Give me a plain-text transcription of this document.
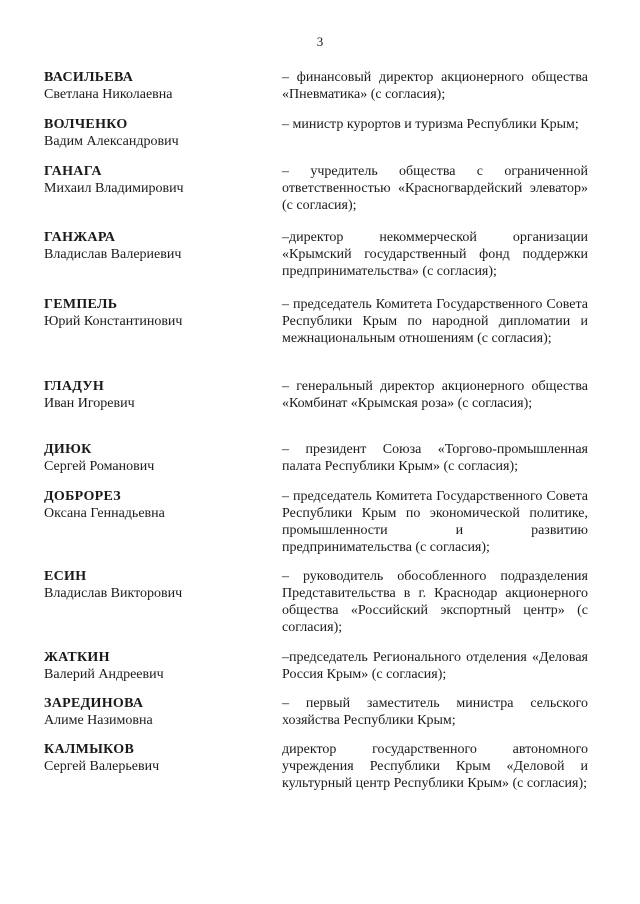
3
ВАСИЛЬЕВА
Светлана Николаевна
– финансовый директор акционерного общества «Пневматика» (с согласия);
ВОЛЧЕНКО
Вадим Александрович
– министр курортов и туризма Республики Крым;
ГАНАГА
Михаил Владимирович
– учредитель общества с ограниченной ответственностью «Красногвардейский элеватор» (с согласия);
ГАНЖАРА
Владислав Валериевич
–директор некоммерческой организации «Крымский государственный фонд поддержки предпринимательства» (с согласия);
ГЕМПЕЛЬ
Юрий Константинович
– председатель Комитета Государственного Совета Республики Крым по народной дипломатии и межнациональным отношениям (с согласия);
ГЛАДУН
Иван Игоревич
– генеральный директор акционерного общества «Комбинат «Крымская роза» (с согласия);
ДИЮК
Сергей Романович
– президент Союза «Торгово-промышленная палата Республики Крым» (с согласия);
ДОБРОРЕЗ
Оксана Геннадьевна
– председатель Комитета Государственного Совета Республики Крым по экономической политике, промышленности и развитию предпринимательства (с согласия);
ЕСИН
Владислав Викторович
– руководитель обособленного подразделения Представительства в г. Краснодар акционерного общества «Российский экспортный центр» (с согласия);
ЖАТКИН
Валерий Андреевич
–председатель Регионального отделения «Деловая Россия Крым» (с согласия);
ЗАРЕДИНОВА
Алиме Назимовна
– первый заместитель министра сельского хозяйства Республики Крым;
КАЛМЫКОВ
Сергей Валерьевич
директор государственного автономного учреждения Республики Крым «Деловой и культурный центр Республики Крым» (с согласия);
